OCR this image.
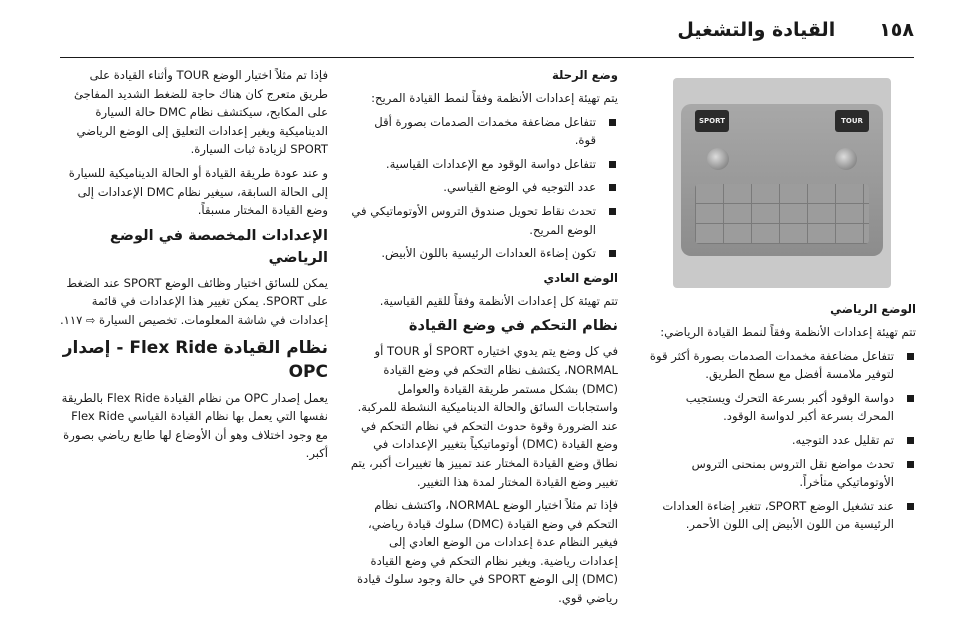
١٥٨
القيادة والتشغيل
TOUR
SPORT

الوضع الرياضي

تتم تهيئة إعدادات الأنظمة وفقاً لنمط القيادة الرياضي:

تتفاعل مضاعفة مخمدات الصدمات بصورة أكثر قوة لتوفير ملامسة أفضل مع سطح الطريق.
دواسة الوقود أكبر بسرعة التحرك ويستجيب المحرك بسرعة أكبر لدواسة الوقود.
تم تقليل عدد التوجيه.
تحدث مواضع نقل التروس بمنحنى التروس الأوتوماتيكي متأخراً.
عند تشغيل الوضع SPORT، تتغير إضاءة العدادات الرئيسية من اللون الأبيض إلى اللون الأحمر.

وضع الرحلة

يتم تهيئة إعدادات الأنظمة وفقاً لنمط القيادة المريح:

تتفاعل مضاعفة مخمدات الصدمات بصورة أقل قوة.
تتفاعل دواسة الوقود مع الإعدادات القياسية.
عدد التوجيه في الوضع القياسي.
تحدث نقاط تحويل صندوق التروس الأوتوماتيكي في الوضع المريح.
تكون إضاءة العدادات الرئيسية باللون الأبيض.

الوضع العادي

تتم تهيئة كل إعدادات الأنظمة وفقاً للقيم القياسية.

نظام التحكم في وضع القيادة

في كل وضع يتم يدوي اختياره SPORT أو TOUR أو NORMAL، يكتشف نظام التحكم في وضع القيادة (DMC) بشكل مستمر طريقة القيادة والعوامل واستجابات السائق والحالة الديناميكية النشطة للمركبة. عند الضرورة وقوة حدوث التحكم في نظام التحكم في وضع القيادة (DMC) أوتوماتيكياً بتغيير الإعدادات في نطاق وضع القيادة المختار عند تمييز ها تغييرات أكبر، يتم تغيير وضع القيادة المختار لمدة هذا التغيير.

فإذا تم مثلاً اختيار الوضع NORMAL، واكتشف نظام التحكم في وضع القيادة (DMC) سلوك قيادة رياضي، فيغير النظام عدة إعدادات من الوضع العادي إلى إعدادات رياضية. ويغير نظام التحكم في وضع القيادة (DMC) إلى الوضع SPORT في حالة وجود سلوك قيادة رياضي قوي.

فإذا تم مثلاً اختيار الوضع TOUR وأثناء القيادة على طريق متعرج كان هناك حاجة للضغط الشديد المفاجئ على المكابح، سيكتشف نظام DMC حالة السيارة الديناميكية ويغير إعدادات التعليق إلى الوضع الرياضي SPORT لزيادة ثبات السيارة.

و عند عودة طريقة القيادة أو الحالة الديناميكية للسيارة إلى الحالة السابقة، سيغير نظام DMC الإعدادات إلى وضع القيادة المختار مسبقاً.

الإعدادات المخصصة في الوضع الرياضي

يمكن للسائق اختيار وظائف الوضع SPORT عند الضغط على SPORT. يمكن تغيير هذا الإعدادات في قائمة إعدادات في شاشة المعلومات. تخصيص السيارة ⇨ ١١٧.

نظام القيادة Flex Ride - إصدار OPC

يعمل إصدار OPC من نظام القيادة Flex Ride بالطريقة نفسها التي يعمل بها نظام القيادة القياسي Flex Ride مع وجود اختلاف وهو أن الأوضاع لها طابع رياضي بصورة أكبر.
